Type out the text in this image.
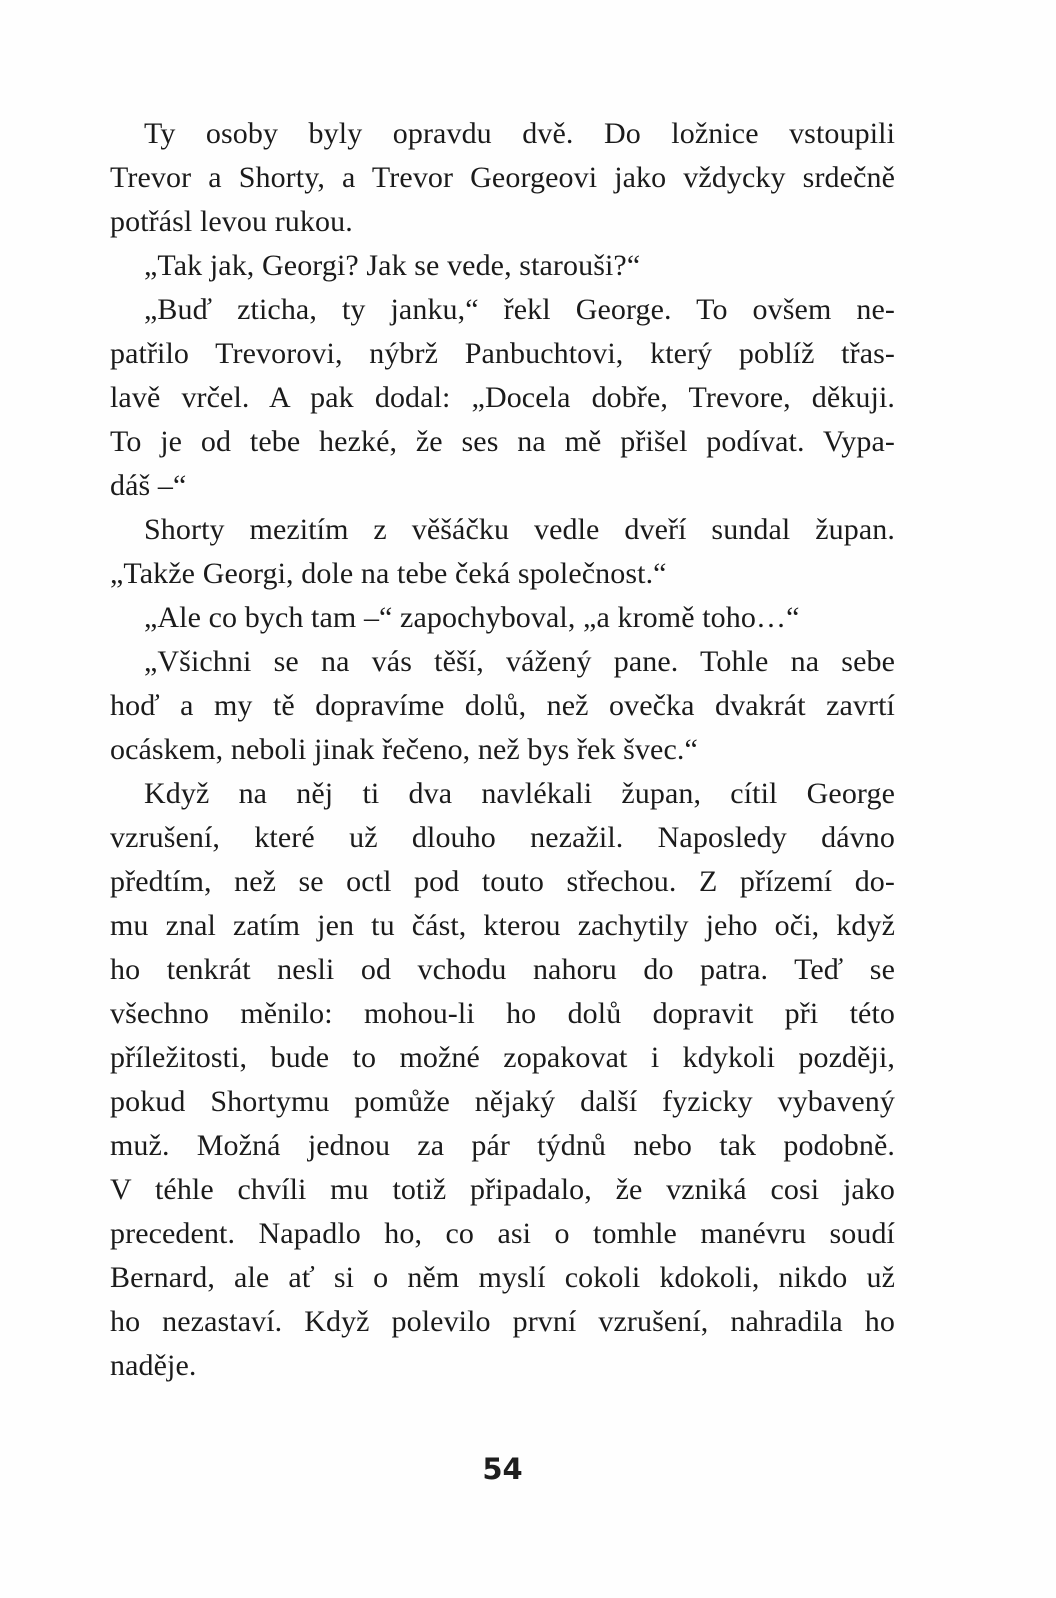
Ty osoby byly opravdu dvě. Do ložnice vstoupili
Trevor a Shorty, a Trevor Georgeovi jako vždycky srdečně
potřásl levou rukou.

„Tak jak, Georgi? Jak se vede, starouši?“

„Buď zticha, ty janku,“ řekl George. To ovšem ne-
patřilo Trevorovi, nýbrž Panbuchtovi, který poblíž třas-
lavě vrčel. A pak dodal: „Docela dobře, Trevore, děkuji.
To je od tebe hezké, že ses na mě přišel podívat. Vypa-
dáš –“

Shorty mezitím z věšáčku vedle dveří sundal župan.
„Takže Georgi, dole na tebe čeká společnost.“

„Ale co bych tam –“ zapochyboval, „a kromě toho…“

„Všichni se na vás těší, vážený pane. Tohle na sebe
hoď a my tě dopravíme dolů, než ovečka dvakrát zavrtí
ocáskem, neboli jinak řečeno, než bys řek švec.“

Když na něj ti dva navlékali župan, cítil George
vzrušení, které už dlouho nezažil. Naposledy dávno
předtím, než se octl pod touto střechou. Z přízemí do-
mu znal zatím jen tu část, kterou zachytily jeho oči, když
ho tenkrát nesli od vchodu nahoru do patra. Teď se
všechno měnilo: mohou-li ho dolů dopravit při této
příležitosti, bude to možné zopakovat i kdykoli později,
pokud Shortymu pomůže nějaký další fyzicky vybavený
muž. Možná jednou za pár týdnů nebo tak podobně.
V téhle chvíli mu totiž připadalo, že vzniká cosi jako
precedent. Napadlo ho, co asi o tomhle manévru soudí
Bernard, ale ať si o něm myslí cokoli kdokoli, nikdo už
ho nezastaví. Když polevilo první vzrušení, nahradila ho
naděje.

54
